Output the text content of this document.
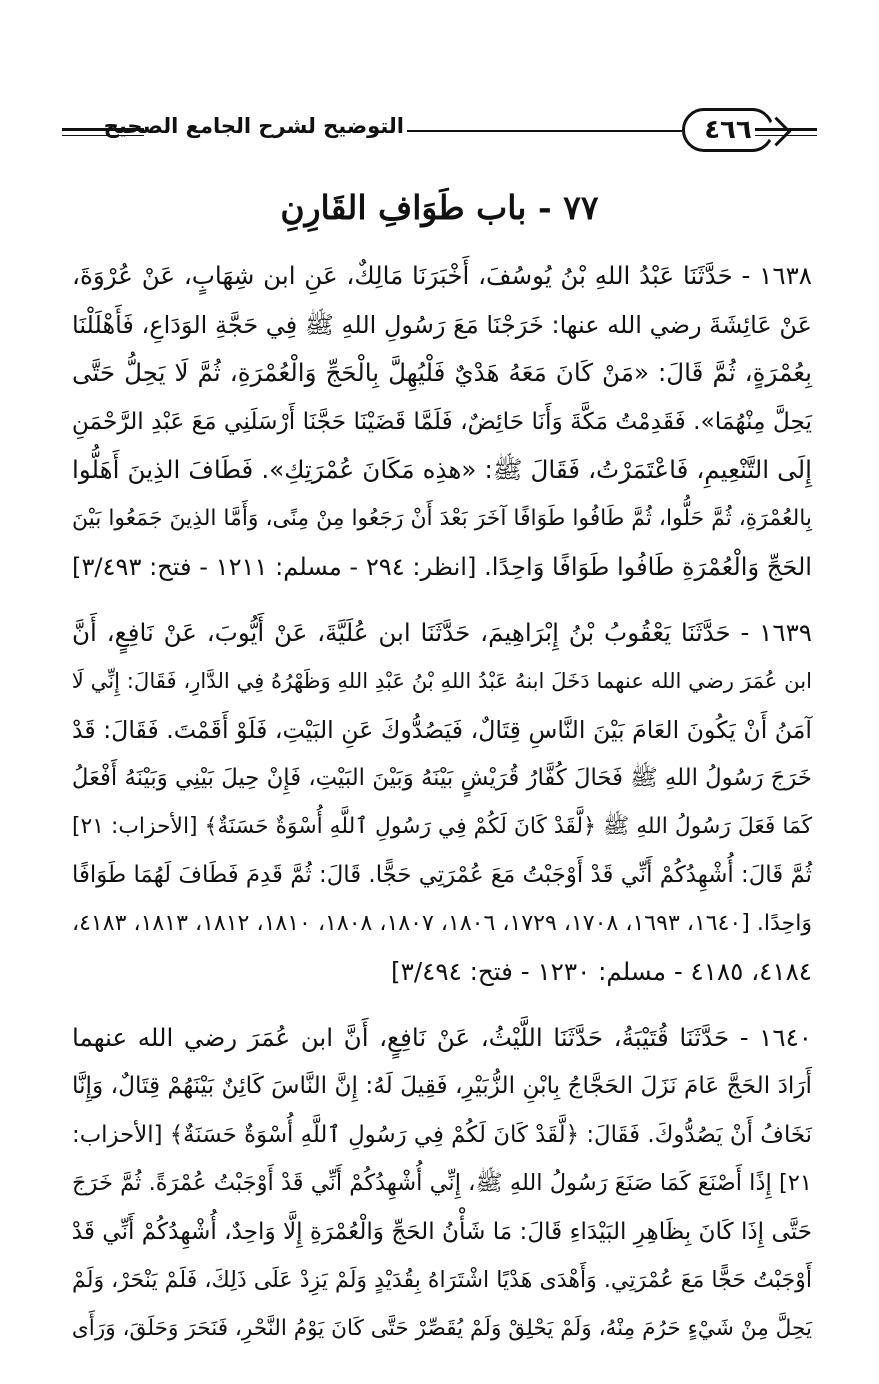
التوضيح لشرح الجامع الصحيح	٤٦٦
٧٧ - باب طَوَافِ القَارِنِ
١٦٣٨ - حَدَّثَنَا عَبْدُ اللهِ بْنُ يُوسُفَ، أَخْبَرَنَا مَالِكٌ، عَنِ ابن شِهَابٍ، عَنْ عُرْوَةَ،
عَنْ عَائِشَةَ رضي الله عنها: خَرَجْنَا مَعَ رَسُولِ اللهِ ﷺ فِي حَجَّةِ الوَدَاعِ، فَأَهْلَلْنَا
بِعُمْرَةٍ، ثُمَّ قَالَ: «مَنْ كَانَ مَعَهُ هَدْيٌ فَلْيُهِلَّ بِالْحَجِّ وَالْعُمْرَةِ، ثُمَّ لَا يَحِلُّ حَتَّى
يَحِلَّ مِنْهُمَا». فَقَدِمْتُ مَكَّةَ وَأَنَا حَائِضٌ، فَلَمَّا قَضَيْنَا حَجَّنَا أَرْسَلَنِي مَعَ عَبْدِ الرَّحْمَنِ
إِلَى التَّنْعِيمِ، فَاعْتَمَرْتُ، فَقَالَ ﷺ: «هذِه مَكَانَ عُمْرَتِكِ». فَطَافَ الذِينَ أَهَلُّوا
بِالعُمْرَةِ، ثُمَّ حَلُّوا، ثُمَّ طَافُوا طَوَافًا آخَرَ بَعْدَ أَنْ رَجَعُوا مِنْ مِنًى، وَأَمَّا الذِينَ جَمَعُوا بَيْنَ
الحَجِّ وَالْعُمْرَةِ طَافُوا طَوَافًا وَاحِدًا. [انظر: ٢٩٤ - مسلم: ١٢١١ - فتح: ٣/٤٩٣]
١٦٣٩ - حَدَّثَنَا يَعْقُوبُ بْنُ إِبْرَاهِيمَ، حَدَّثَنَا ابن عُلَيَّةَ، عَنْ أَيُّوبَ، عَنْ نَافِعٍ، أَنَّ
ابن عُمَرَ رضي الله عنهما دَخَلَ ابنهُ عَبْدُ اللهِ بْنُ عَبْدِ اللهِ وَظَهْرُهُ فِي الدَّارِ، فَقَالَ: إِنِّي لَا
آمَنُ أَنْ يَكُونَ العَامَ بَيْنَ النَّاسِ قِتَالٌ، فَيَصُدُّوكَ عَنِ البَيْتِ، فَلَوْ أَقَمْتَ. فَقَالَ: قَدْ
خَرَجَ رَسُولُ اللهِ ﷺ فَحَالَ كُفَّارُ قُرَيْشٍ بَيْنَهُ وَبَيْنَ البَيْتِ، فَإِنْ حِيلَ بَيْنِي وَبَيْنَهُ أَفْعَلُ
كَمَا فَعَلَ رَسُولُ اللهِ ﷺ ﴿لَّقَدْ كَانَ لَكُمْ فِي رَسُولِ ٱللَّهِ أُسْوَةٌ حَسَنَةٌ﴾ [الأحزاب: ٢١]
ثُمَّ قَالَ: أُشْهِدُكُمْ أَنِّي قَدْ أَوْجَبْتُ مَعَ عُمْرَتِي حَجًّا. قَالَ: ثُمَّ قَدِمَ فَطَافَ لَهُمَا طَوَافًا
وَاحِدًا. [١٦٤٠، ١٦٩٣، ١٧٠٨، ١٧٢٩، ١٨٠٦، ١٨٠٧، ١٨٠٨، ١٨١٠، ١٨١٢، ١٨١٣، ٤١٨٣،
٤١٨٤، ٤١٨٥ - مسلم: ١٢٣٠ - فتح: ٣/٤٩٤]
١٦٤٠ - حَدَّثَنَا قُتَيْبَةُ، حَدَّثَنَا اللَّيْثُ، عَنْ نَافِعٍ، أَنَّ ابن عُمَرَ رضي الله عنهما
أَرَادَ الحَجَّ عَامَ نَزَلَ الحَجَّاجُ بِابْنِ الزُّبَيْرِ، فَقِيلَ لَهُ: إِنَّ النَّاسَ كَائِنٌ بَيْنَهُمْ قِتَالٌ، وَإِنَّا
نَخَافُ أَنْ يَصُدُّوكَ. فَقَالَ: ﴿لَّقَدْ كَانَ لَكُمْ فِي رَسُولِ ٱللَّهِ أُسْوَةٌ حَسَنَةٌ﴾ [الأحزاب:
٢١] إِذًا أَصْنَعَ كَمَا صَنَعَ رَسُولُ اللهِ ﷺ، إِنِّي أُشْهِدُكُمْ أَنِّي قَدْ أَوْجَبْتُ عُمْرَةً. ثُمَّ خَرَجَ
حَتَّى إِذَا كَانَ بِظَاهِرِ البَيْدَاءِ قَالَ: مَا شَأْنُ الحَجِّ وَالْعُمْرَةِ إِلَّا وَاحِدٌ، أُشْهِدُكُمْ أَنِّي قَدْ
أَوْجَبْتُ حَجًّا مَعَ عُمْرَتِي. وَأَهْدَى هَدْيًا اشْتَرَاهُ بِقُدَيْدٍ وَلَمْ يَزِدْ عَلَى ذَلِكَ، فَلَمْ يَنْحَرْ، وَلَمْ
يَحِلَّ مِنْ شَيْءٍ حَرُمَ مِنْهُ، وَلَمْ يَحْلِقْ وَلَمْ يُقَصِّرْ حَتَّى كَانَ يَوْمُ النَّحْرِ، فَنَحَرَ وَحَلَقَ، وَرَأَى
